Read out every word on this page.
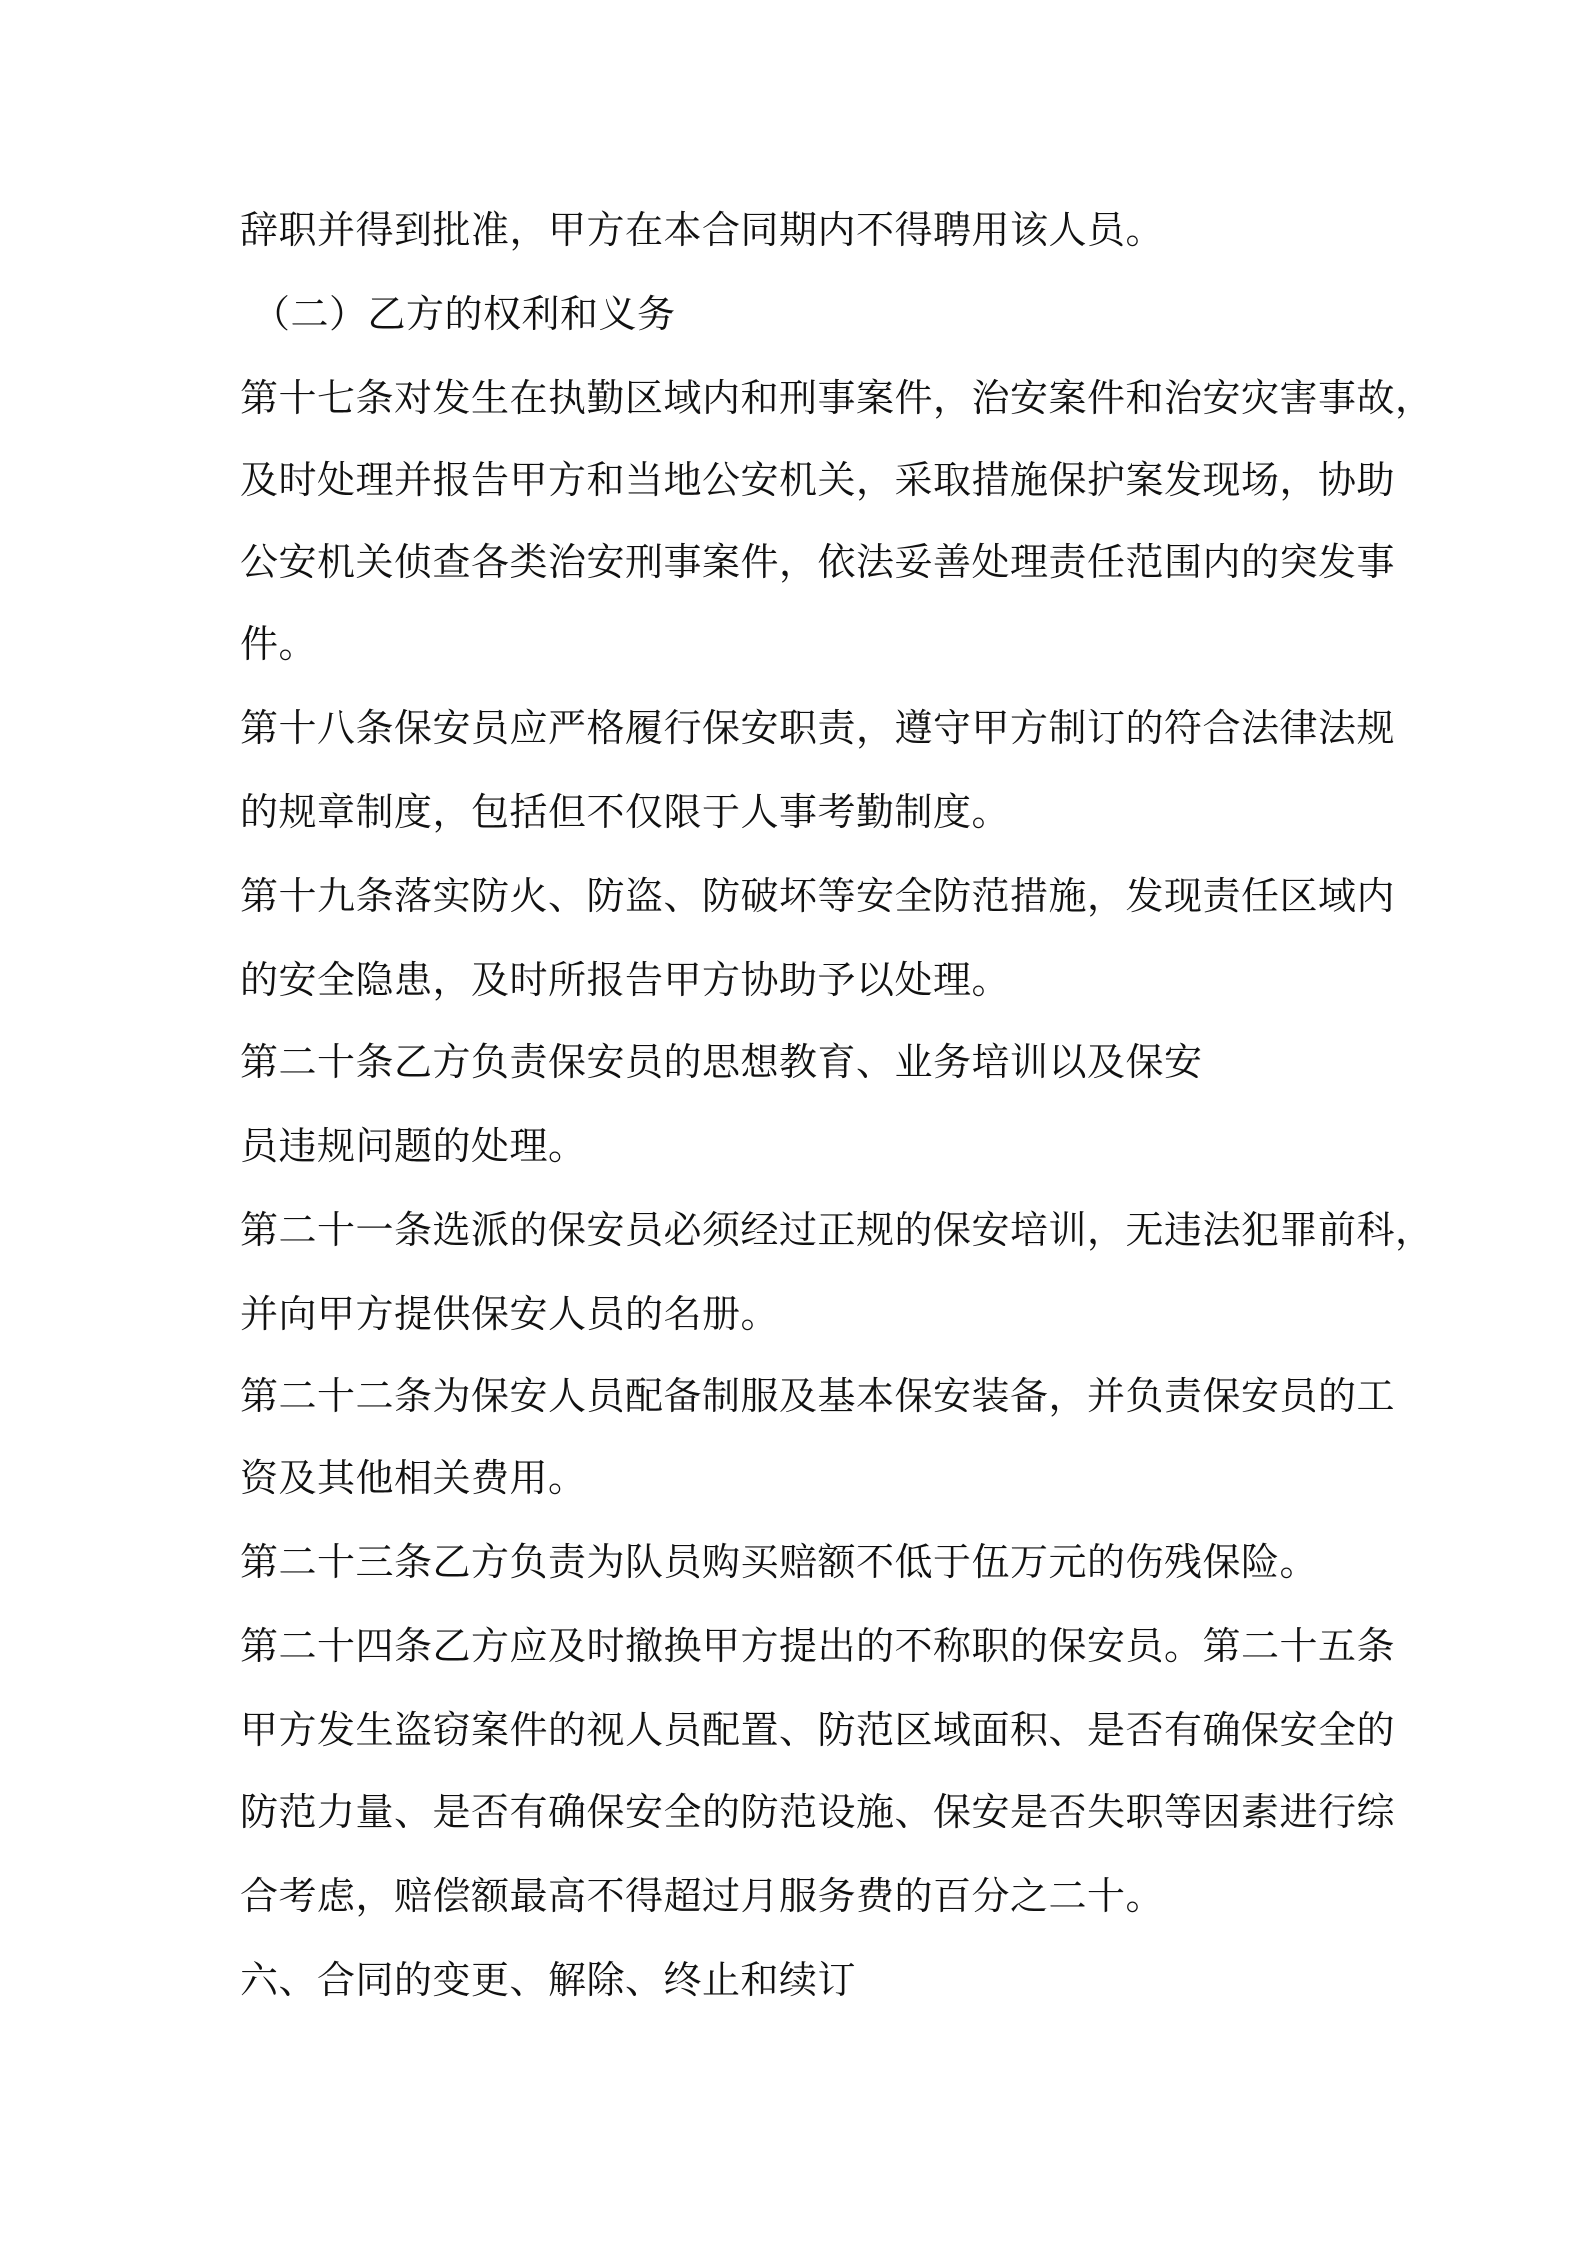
辞职并得到批准，甲方在本合同期内不得聘用该人员。
（二）乙方的权利和义务
第十七条对发生在执勤区域内和刑事案件，治安案件和治安灾害事故，
及时处理并报告甲方和当地公安机关，采取措施保护案发现场，协助
公安机关侦查各类治安刑事案件，依法妥善处理责任范围内的突发事
件。
第十八条保安员应严格履行保安职责，遵守甲方制订的符合法律法规
的规章制度，包括但不仅限于人事考勤制度。
第十九条落实防火、防盗、防破坏等安全防范措施，发现责任区域内
的安全隐患，及时所报告甲方协助予以处理。
第二十条乙方负责保安员的思想教育、业务培训以及保安
员违规问题的处理。
第二十一条选派的保安员必须经过正规的保安培训，无违法犯罪前科，
并向甲方提供保安人员的名册。
第二十二条为保安人员配备制服及基本保安装备，并负责保安员的工
资及其他相关费用。
第二十三条乙方负责为队员购买赔额不低于伍万元的伤残保险。
第二十四条乙方应及时撤换甲方提出的不称职的保安员。第二十五条
甲方发生盗窃案件的视人员配置、防范区域面积、是否有确保安全的
防范力量、是否有确保安全的防范设施、保安是否失职等因素进行综
合考虑，赔偿额最高不得超过月服务费的百分之二十。
六、合同的变更、解除、终止和续订
